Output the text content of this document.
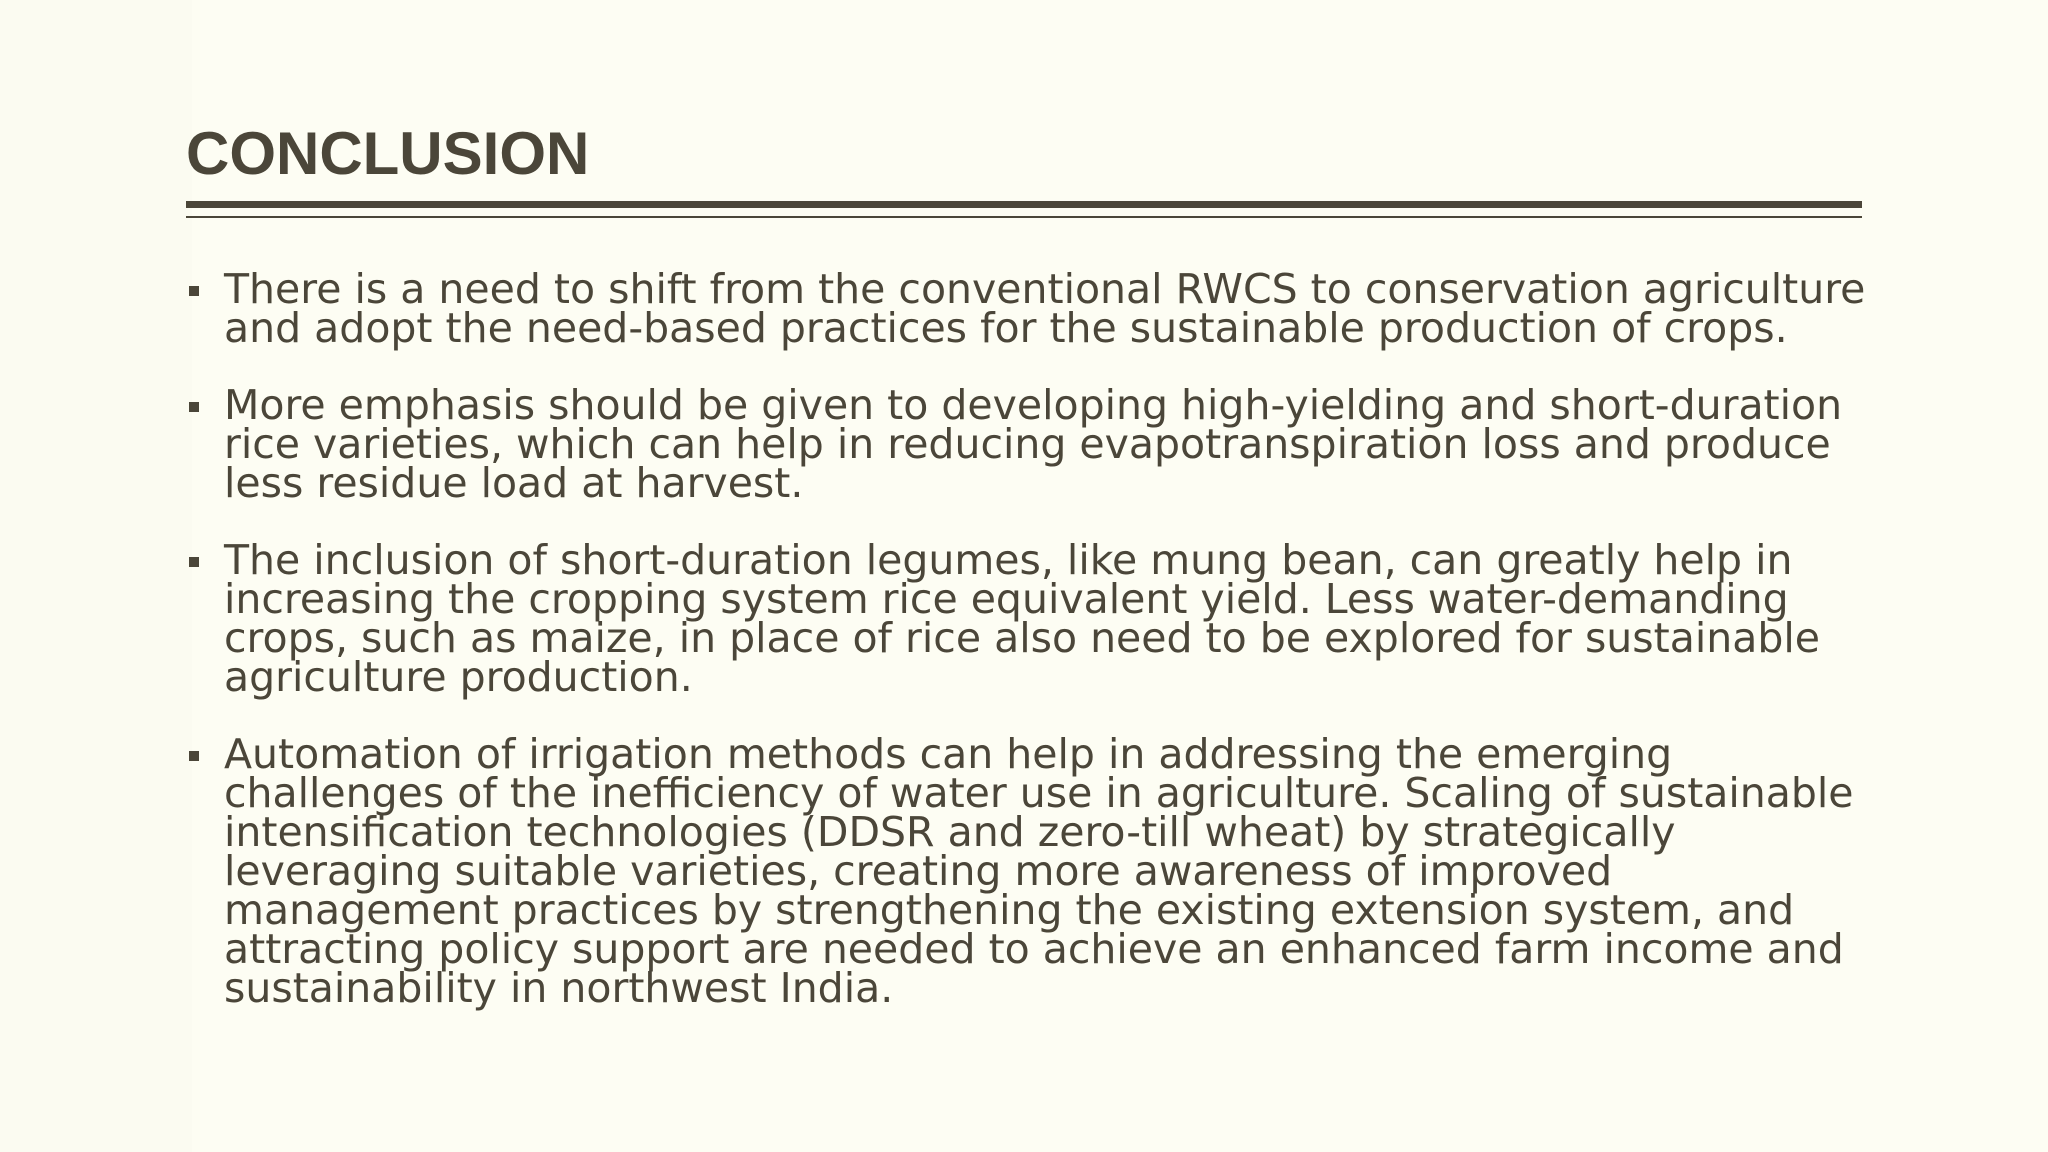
CONCLUSION
There is a need to shift from the conventional RWCS to conservation agriculture and adopt the need-based practices for the sustainable production of crops.
More emphasis should be given to developing high-yielding and short-duration rice varieties, which can help in reducing evapotranspiration loss and produce less residue load at harvest.
The inclusion of short-duration legumes, like mung bean, can greatly help in increasing the cropping system rice equivalent yield. Less water-demanding crops, such as maize, in place of rice also need to be explored for sustainable agriculture production.
Automation of irrigation methods can help in addressing the emerging challenges of the inefficiency of water use in agriculture. Scaling of sustainable intensification technologies (DDSR and zero-till wheat) by strategically leveraging suitable varieties, creating more awareness of improved management practices by strengthening the existing extension system, and attracting policy support are needed to achieve an enhanced farm income and sustainability in northwest India.
